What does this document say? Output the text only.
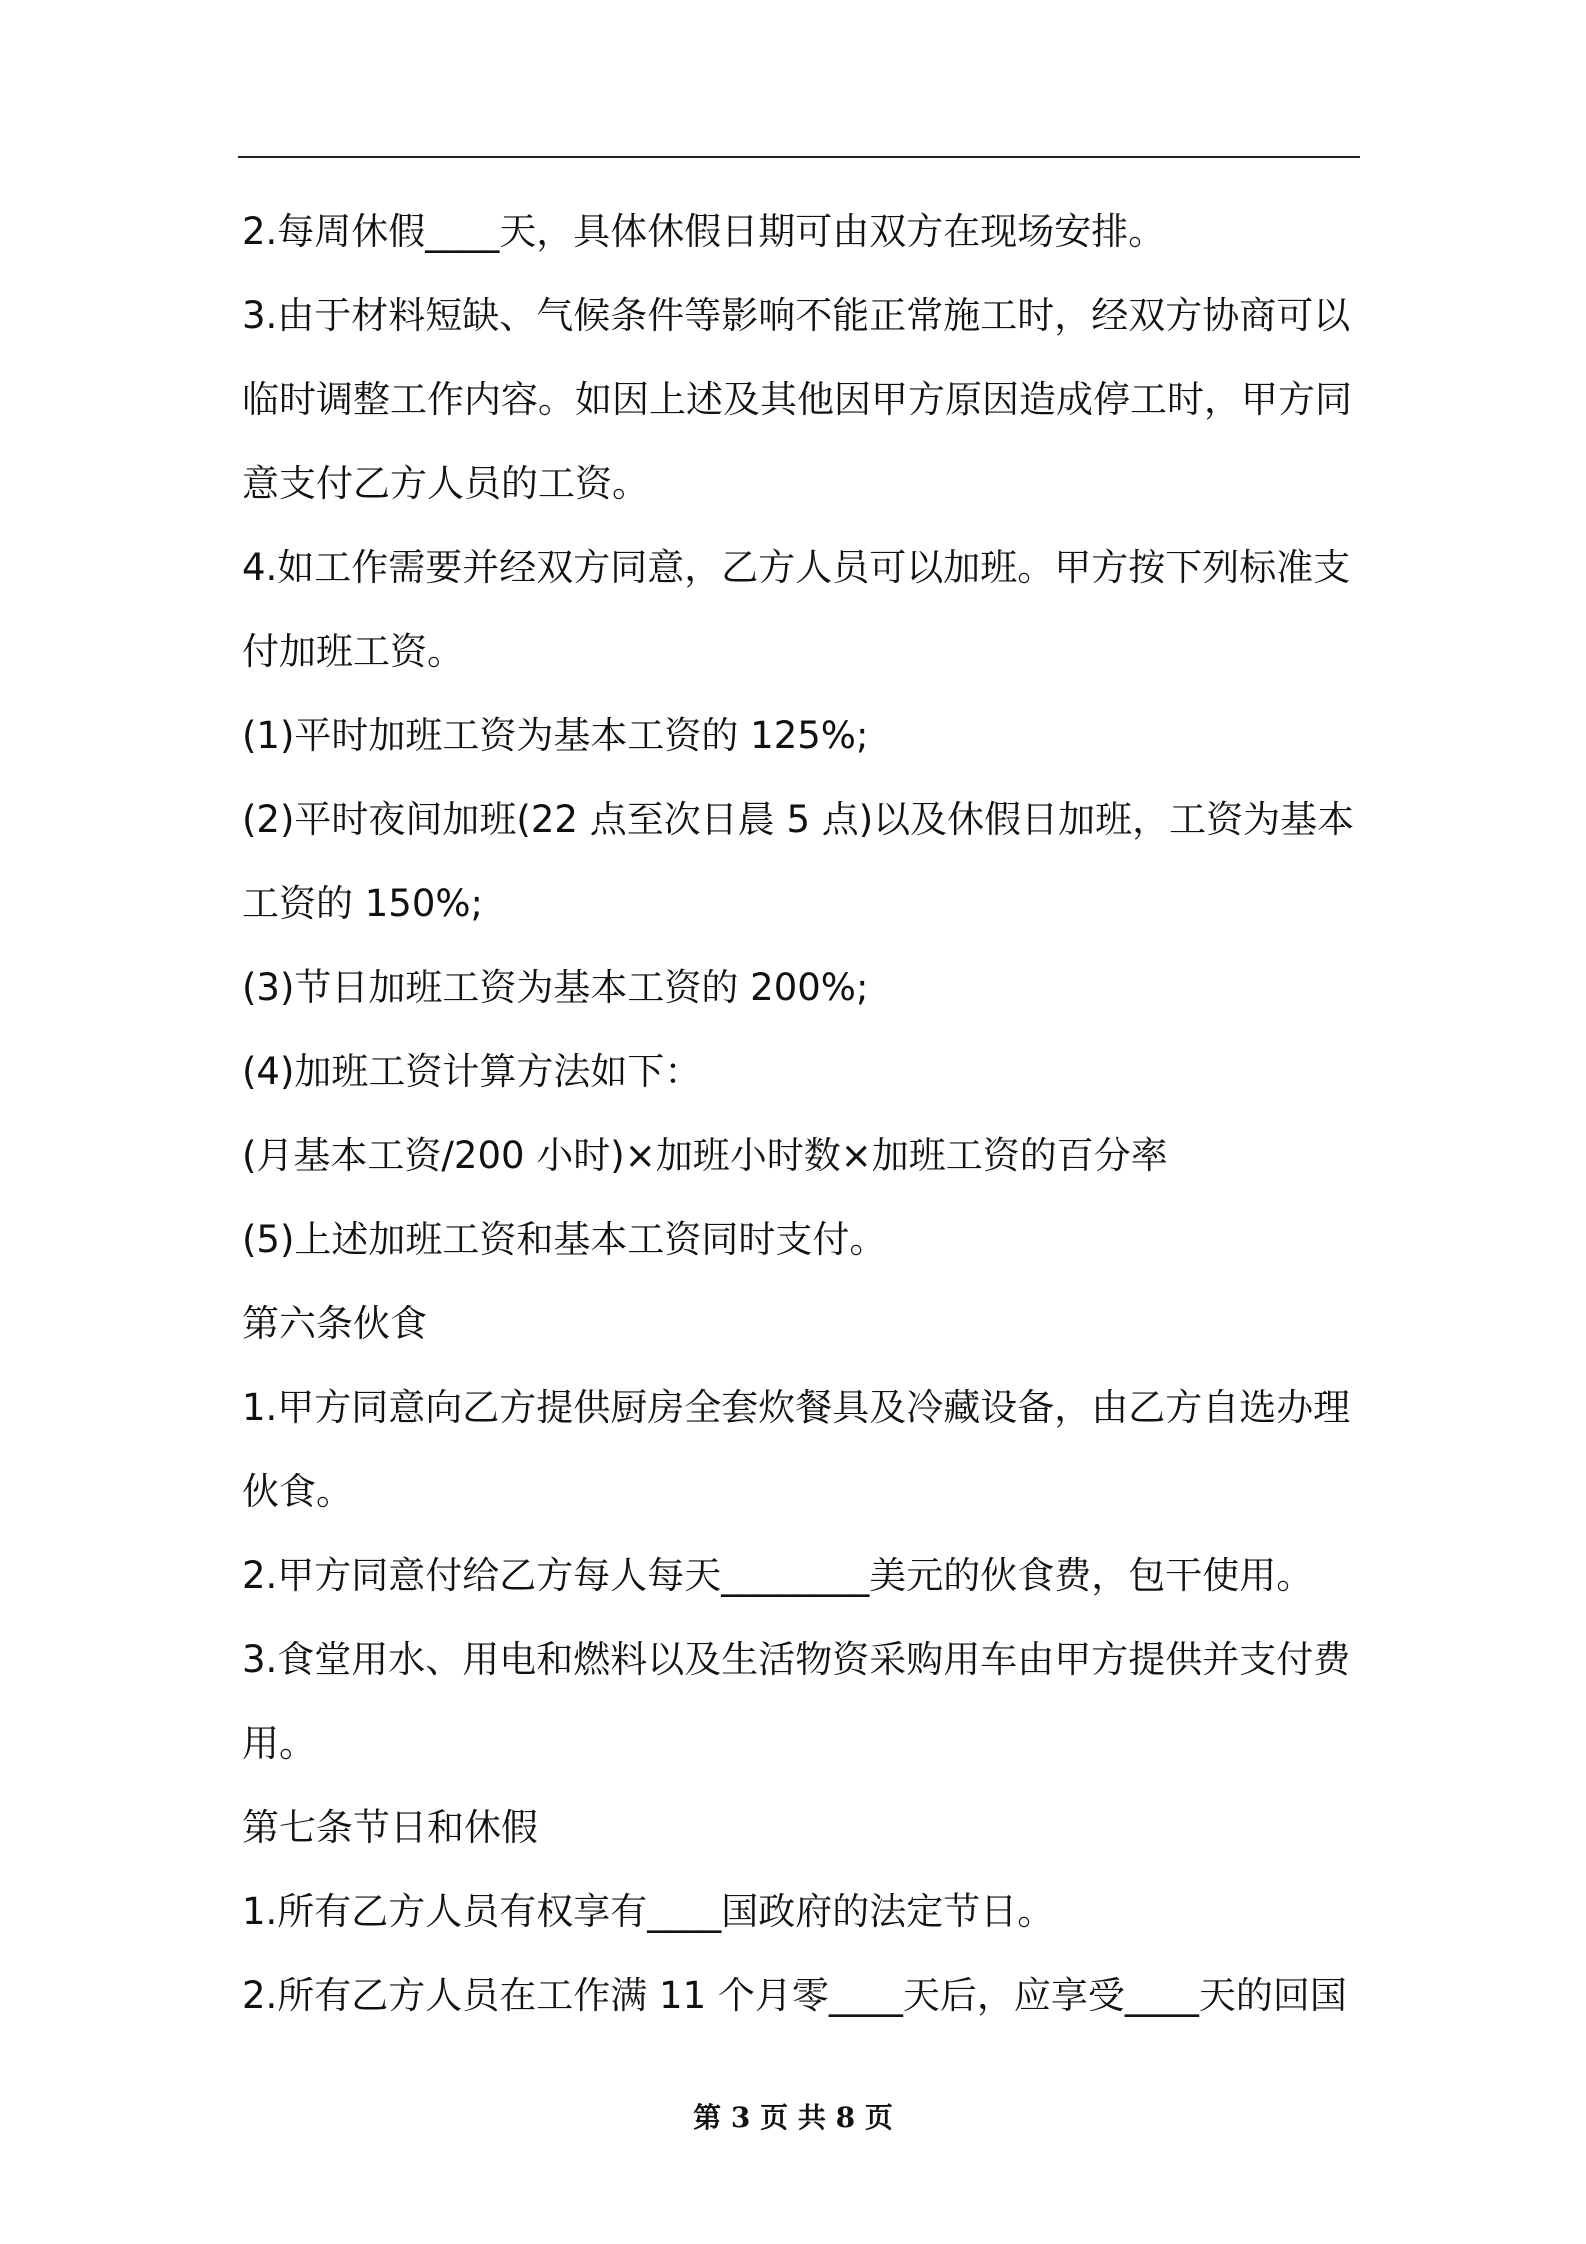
2.每周休假____天，具体休假日期可由双方在现场安排。
3.由于材料短缺、气候条件等影响不能正常施工时，经双方协商可以
临时调整工作内容。如因上述及其他因甲方原因造成停工时，甲方同
意支付乙方人员的工资。
4.如工作需要并经双方同意，乙方人员可以加班。甲方按下列标准支
付加班工资。
(1)平时加班工资为基本工资的 125%;
(2)平时夜间加班(22 点至次日晨 5 点)以及休假日加班，工资为基本
工资的 150%;
(3)节日加班工资为基本工资的 200%;
(4)加班工资计算方法如下：
(月基本工资/200 小时)×加班小时数×加班工资的百分率
(5)上述加班工资和基本工资同时支付。
第六条伙食
1.甲方同意向乙方提供厨房全套炊餐具及冷藏设备，由乙方自选办理
伙食。
2.甲方同意付给乙方每人每天________美元的伙食费，包干使用。
3.食堂用水、用电和燃料以及生活物资采购用车由甲方提供并支付费
用。
第七条节日和休假
1.所有乙方人员有权享有____国政府的法定节日。
2.所有乙方人员在工作满 11 个月零____天后，应享受____天的回国
第 3 页 共 8 页
